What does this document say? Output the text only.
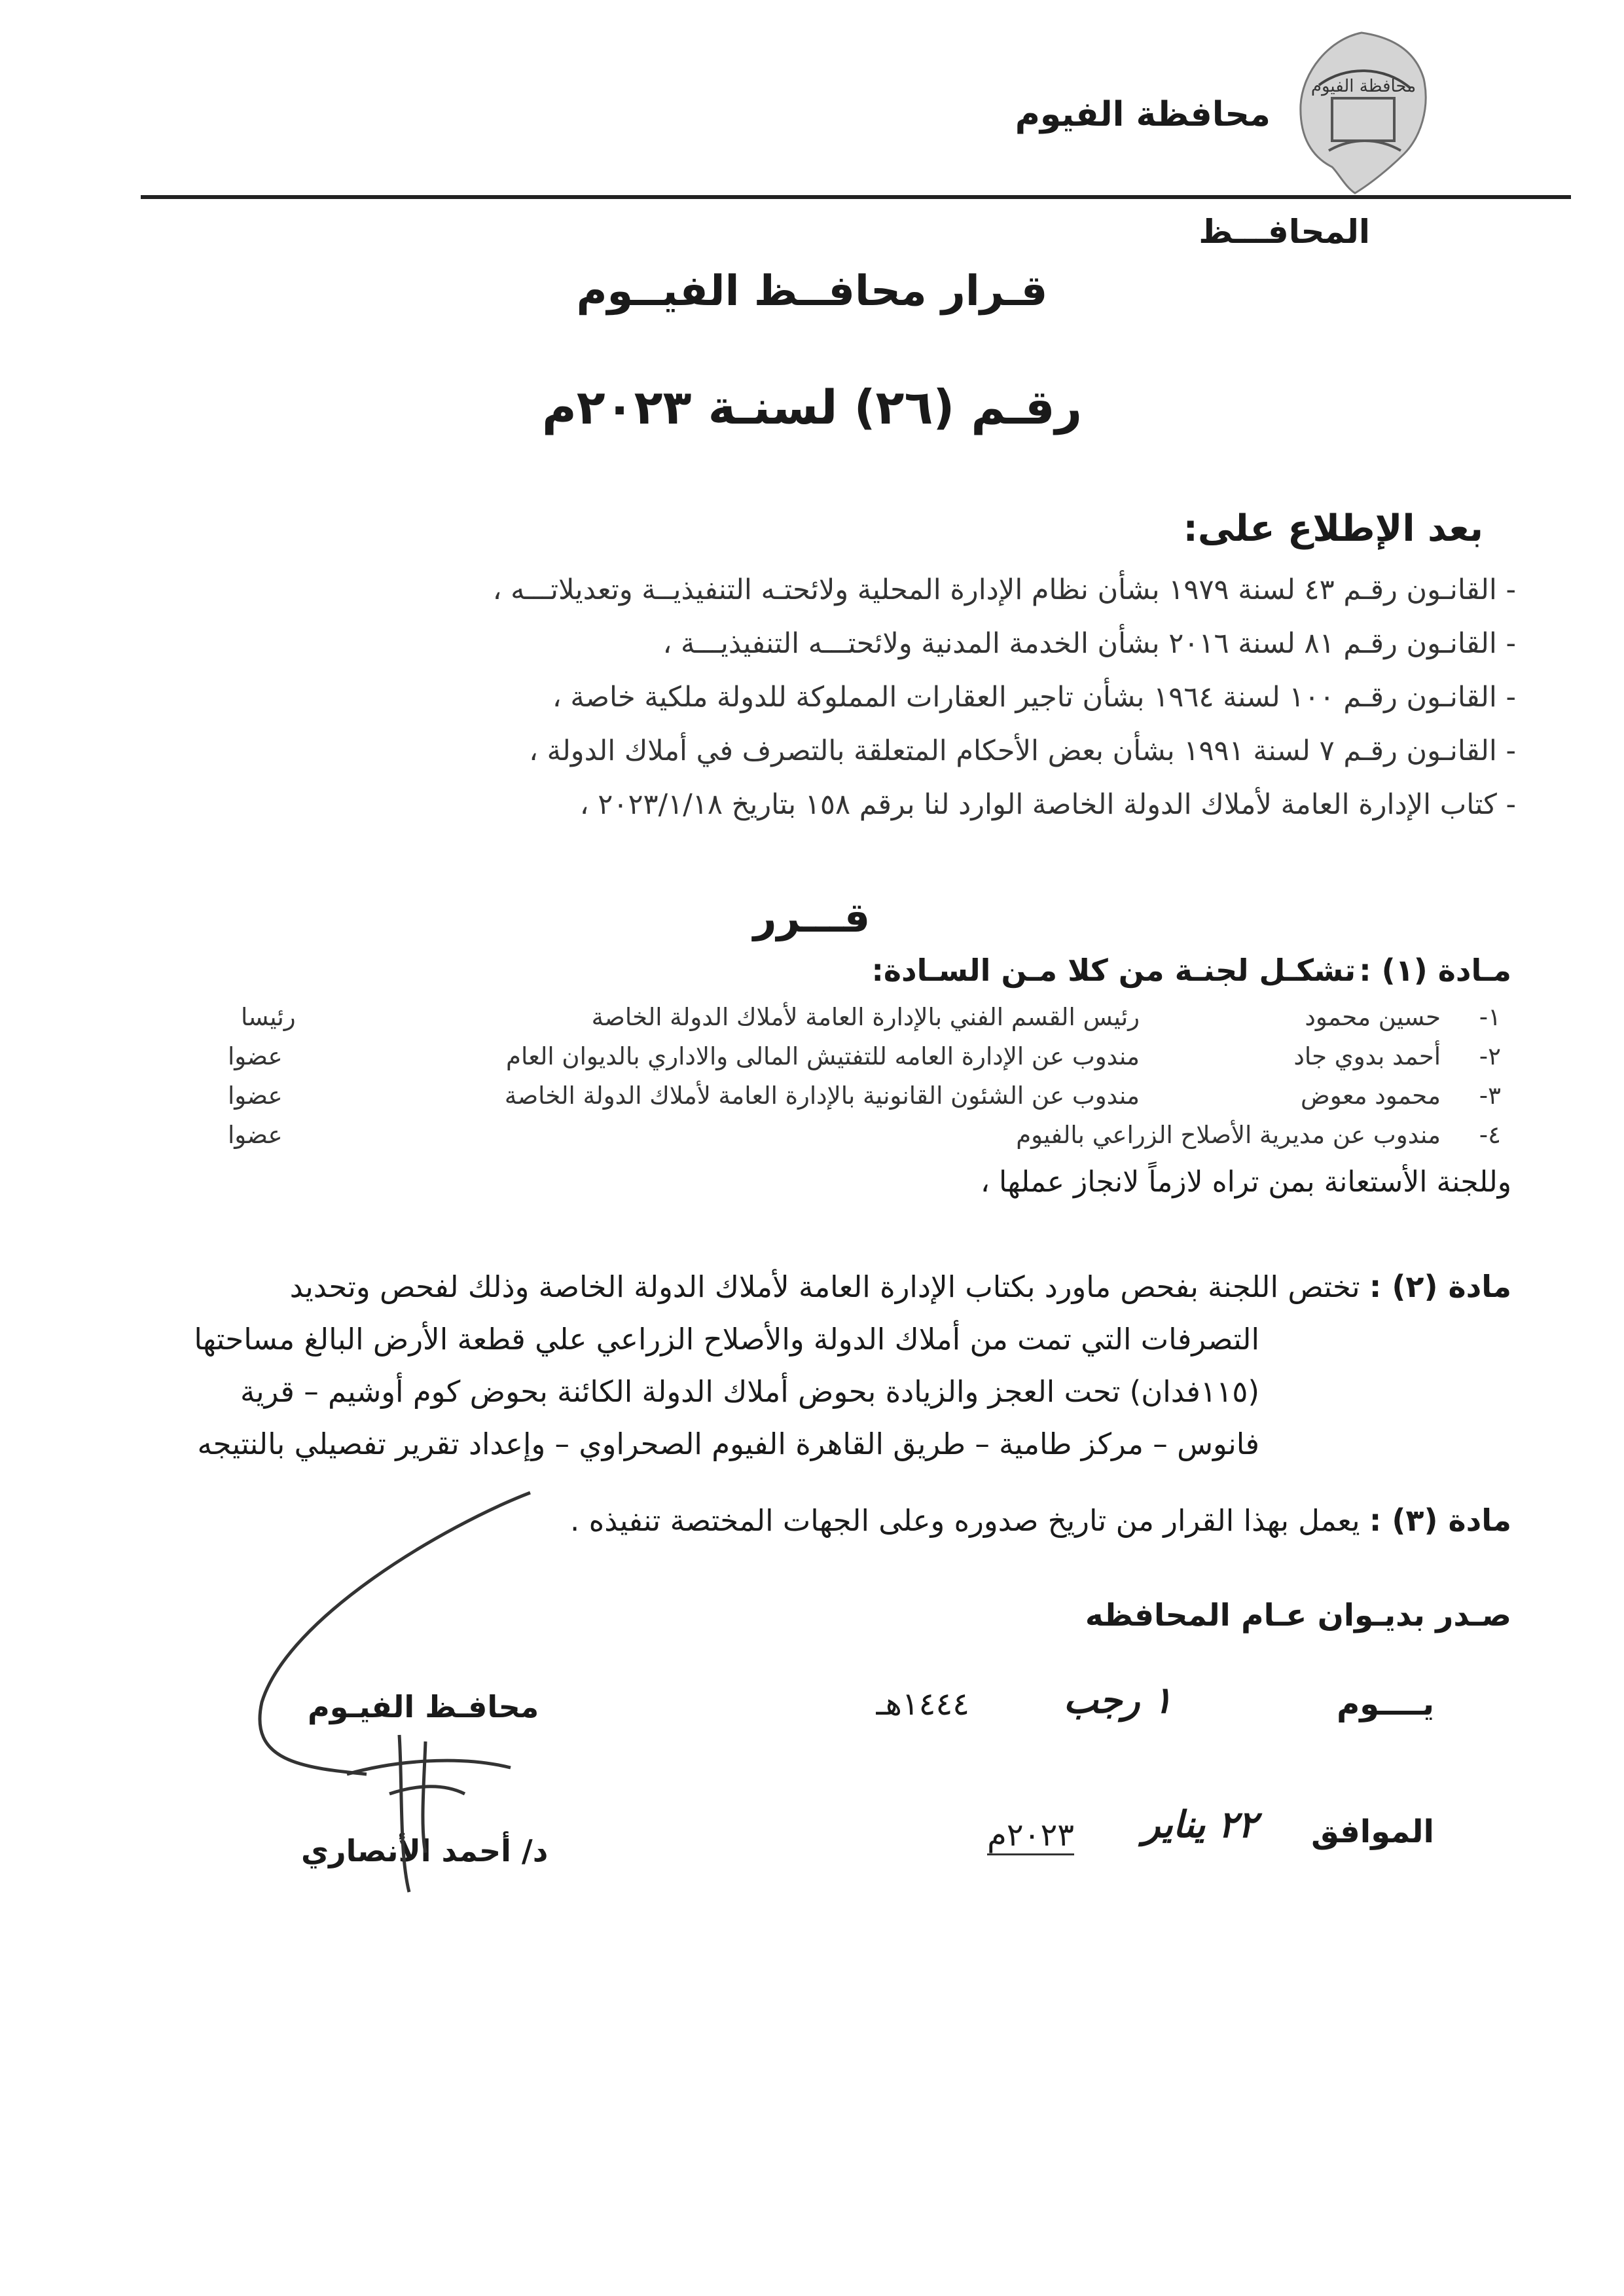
محافظة الفيوم
محافظة الفيوم
المحافـــظ
قـرار محافــظ الفيــوم
رقـم (٢٦) لسنـة ٢٠٢٣م
بعد الإطلاع على:
- القانـون رقـم ٤٣ لسنة ١٩٧٩ بشأن نظام الإدارة المحلية ولائحتـه التنفيذيــة وتعديلاتـــه ،
- القانـون رقـم ٨١ لسنة ٢٠١٦ بشأن الخدمة المدنية ولائحتـــه التنفيذيـــة ،
- القانـون رقـم ١٠٠ لسنة ١٩٦٤ بشأن تاجير العقارات المملوكة للدولة ملكية خاصة ،
- القانـون رقـم ٧ لسنة ١٩٩١ بشأن بعض الأحكام المتعلقة بالتصرف في أملاك الدولة ،
- كتاب الإدارة العامة لأملاك الدولة الخاصة الوارد لنا برقم ١٥٨ بتاريخ ٢٠٢٣/١/١٨ ،
قـــرر
مـادة (١) : تشكـل لجنـة من كلا مـن السـادة:
١-
حسين محمود
رئيس القسم الفني بالإدارة العامة لأملاك الدولة الخاصة
رئيسا
٢-
أحمد بدوي جاد
مندوب عن الإدارة العامه للتفتيش المالى والاداري بالديوان العام
عضوا
٣-
محمود معوض
مندوب عن الشئون القانونية بالإدارة العامة لأملاك الدولة الخاصة
عضوا
٤-
مندوب عن مديرية الأصلاح الزراعي بالفيوم
عضوا
وللجنة الأستعانة بمن تراه لازماً لانجاز عملها ،
مادة (٢) : تختص اللجنة بفحص ماورد بكتاب الإدارة العامة لأملاك الدولة الخاصة وذلك لفحص وتحديد
التصرفات التي تمت من أملاك الدولة والأصلاح الزراعي علي قطعة الأرض البالغ مساحتها
(١١٥فدان) تحت العجز والزيادة بحوض أملاك الدولة الكائنة بحوض كوم أوشيم – قرية
فانوس – مركز طامية – طريق القاهرة الفيوم الصحراوي – وإعداد تقرير تفصيلي بالنتيجه
مادة (٣) : يعمل بهذا القرار من تاريخ صدوره وعلى الجهات المختصة تنفيذه .
صـدر بديـوان عـام المحافظه
يــــوم
١ رجب
١٤٤٤هـ
الموافق
٢٢ يناير
٢٠٢٣م
محافـظ الفيـوم
د/ أحمد الأنصاري
